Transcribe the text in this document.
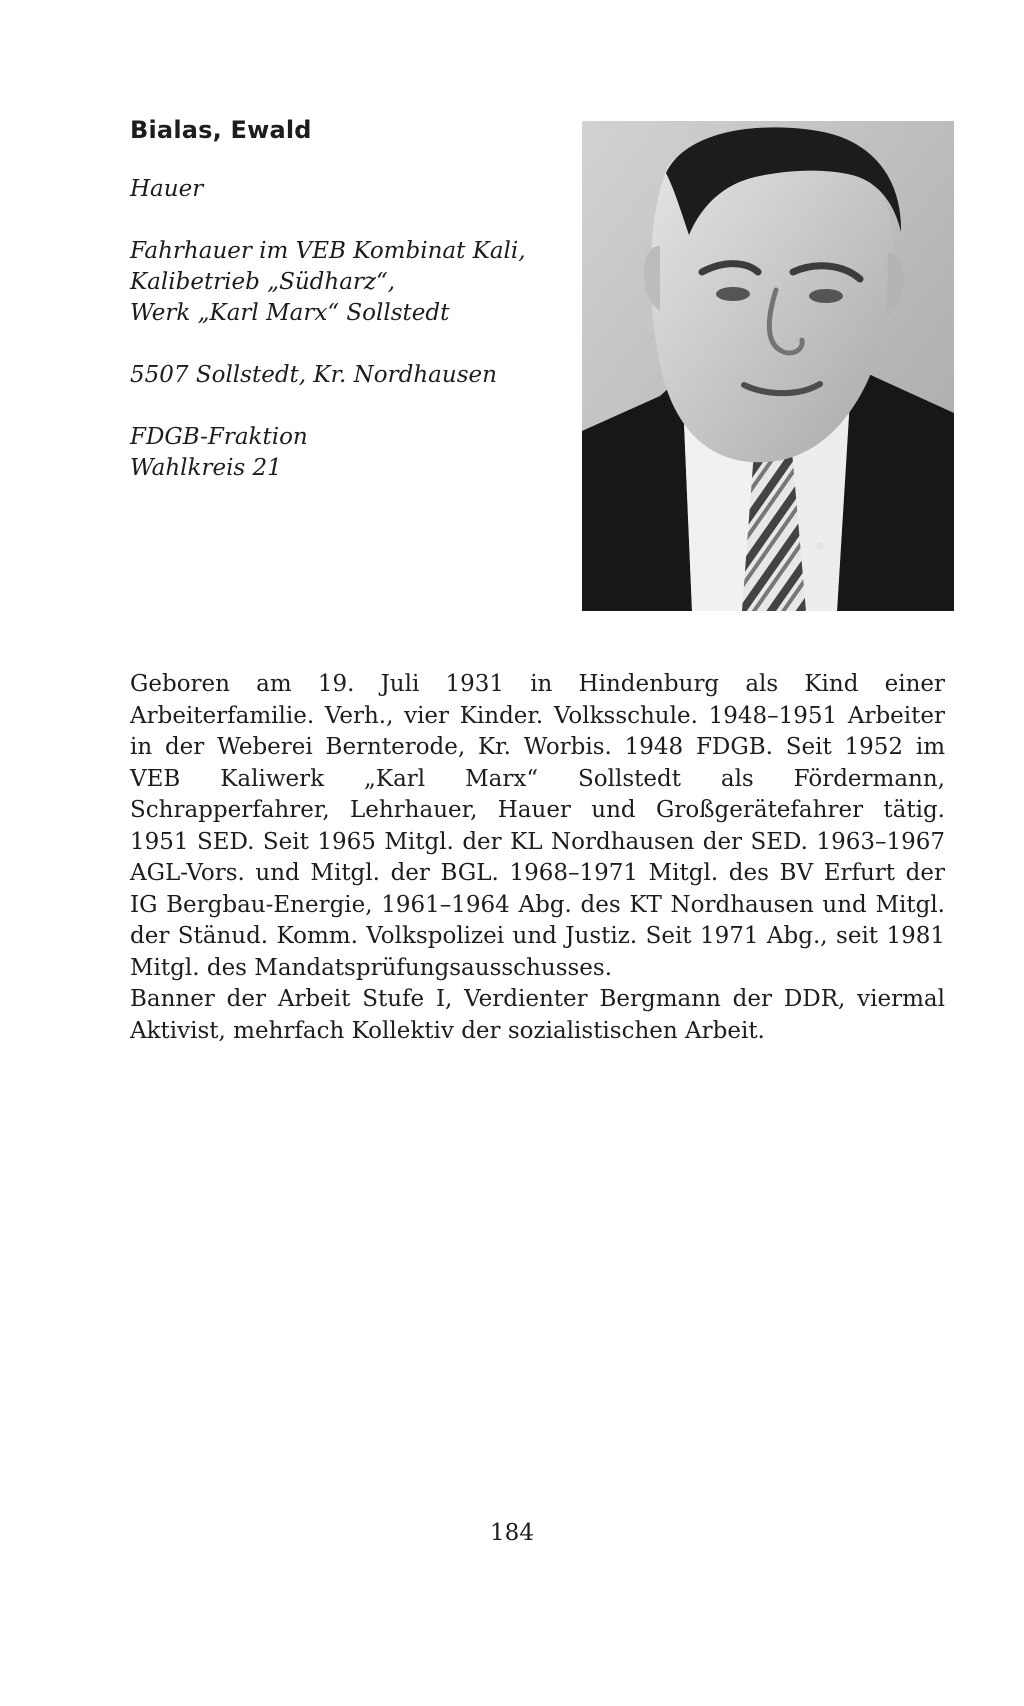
Bialas, Ewald
Hauer
Fahrhauer im VEB Kombinat Kali,
Kalibetrieb „Südharz“,
Werk „Karl Marx“ Sollstedt
5507 Sollstedt, Kr. Nordhausen
FDGB-Fraktion
Wahlkreis 21

Geboren am 19. Juli 1931 in Hindenburg als Kind einer Arbeiterfamilie. Verh., vier Kinder. Volksschule. 1948–1951 Arbeiter in der Weberei Bernterode, Kr. Worbis. 1948 FDGB. Seit 1952 im VEB Kaliwerk „Karl Marx“ Sollstedt als Fördermann, Schrapperfahrer, Lehrhauer, Hauer und Großgerätefahrer tätig. 1951 SED. Seit 1965 Mitgl. der KL Nordhausen der SED. 1963–1967 AGL-Vors. und Mitgl. der BGL. 1968–1971 Mitgl. des BV Erfurt der IG Bergbau-Energie, 1961–1964 Abg. des KT Nordhausen und Mitgl. der Stänud. Komm. Volkspolizei und Justiz. Seit 1971 Abg., seit 1981 Mitgl. des Mandatsprüfungsausschusses.

Banner der Arbeit Stufe I, Verdienter Bergmann der DDR, viermal Aktivist, mehrfach Kollektiv der sozialistischen Arbeit.

184
